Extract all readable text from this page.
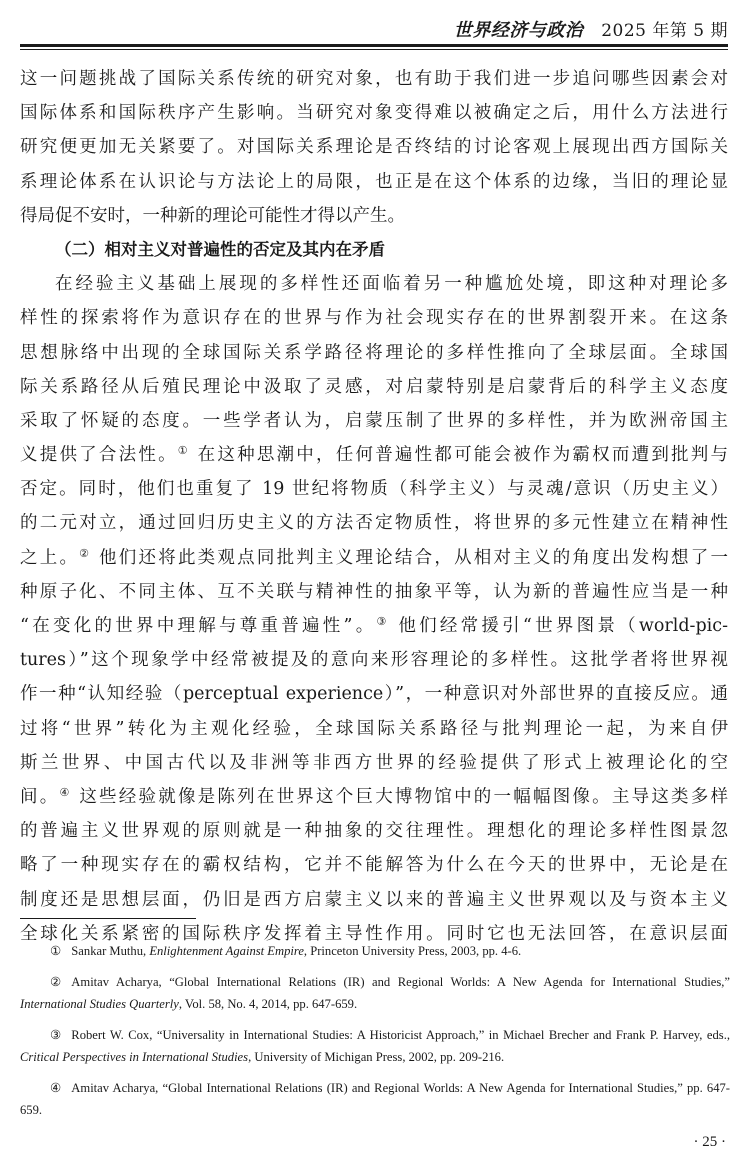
世界经济与政治 2025 年第 5 期
这一问题挑战了国际关系传统的研究对象，也有助于我们进一步追问哪些因素会对
国际体系和国际秩序产生影响。当研究对象变得难以被确定之后，用什么方法进行
研究便更加无关紧要了。对国际关系理论是否终结的讨论客观上展现出西方国际关
系理论体系在认识论与方法论上的局限，也正是在这个体系的边缘，当旧的理论显
得局促不安时，一种新的理论可能性才得以产生。
（二）相对主义对普遍性的否定及其内在矛盾
在经验主义基础上展现的多样性还面临着另一种尴尬处境，即这种对理论多
样性的探索将作为意识存在的世界与作为社会现实存在的世界割裂开来。在这条
思想脉络中出现的全球国际关系学路径将理论的多样性推向了全球层面。全球国
际关系路径从后殖民理论中汲取了灵感，对启蒙特别是启蒙背后的科学主义态度
采取了怀疑的态度。一些学者认为，启蒙压制了世界的多样性，并为欧洲帝国主
义提供了合法性。① 在这种思潮中，任何普遍性都可能会被作为霸权而遭到批判与
否定。同时，他们也重复了 19 世纪将物质（科学主义）与灵魂/意识（历史主义）
的二元对立，通过回归历史主义的方法否定物质性，将世界的多元性建立在精神性
之上。② 他们还将此类观点同批判主义理论结合，从相对主义的角度出发构想了一
种原子化、不同主体、互不关联与精神性的抽象平等，认为新的普遍性应当是一种
“在变化的世界中理解与尊重普遍性”。③ 他们经常援引“世界图景（world-pic-
tures）”这个现象学中经常被提及的意向来形容理论的多样性。这批学者将世界视
作一种“认知经验（perceptual experience）”，一种意识对外部世界的直接反应。通
过将“世界”转化为主观化经验，全球国际关系路径与批判理论一起，为来自伊
斯兰世界、中国古代以及非洲等非西方世界的经验提供了形式上被理论化的空
间。④ 这些经验就像是陈列在世界这个巨大博物馆中的一幅幅图像。主导这类多样
的普遍主义世界观的原则就是一种抽象的交往理性。理想化的理论多样性图景忽
略了一种现实存在的霸权结构，它并不能解答为什么在今天的世界中，无论是在
制度还是思想层面，仍旧是西方启蒙主义以来的普遍主义世界观以及与资本主义
全球化关系紧密的国际秩序发挥着主导性作用。同时它也无法回答，在意识层面
① Sankar Muthu, Enlightenment Against Empire, Princeton University Press, 2003, pp. 4-6.
② Amitav Acharya, “Global International Relations (IR) and Regional Worlds: A New Agenda for International Studies,” International Studies Quarterly, Vol. 58, No. 4, 2014, pp. 647-659.
③ Robert W. Cox, “Universality in International Studies: A Historicist Approach,” in Michael Brecher and Frank P. Harvey, eds., Critical Perspectives in International Studies, University of Michigan Press, 2002, pp. 209-216.
④ Amitav Acharya, “Global International Relations (IR) and Regional Worlds: A New Agenda for International Studies,” pp. 647-659.
· 25 ·
